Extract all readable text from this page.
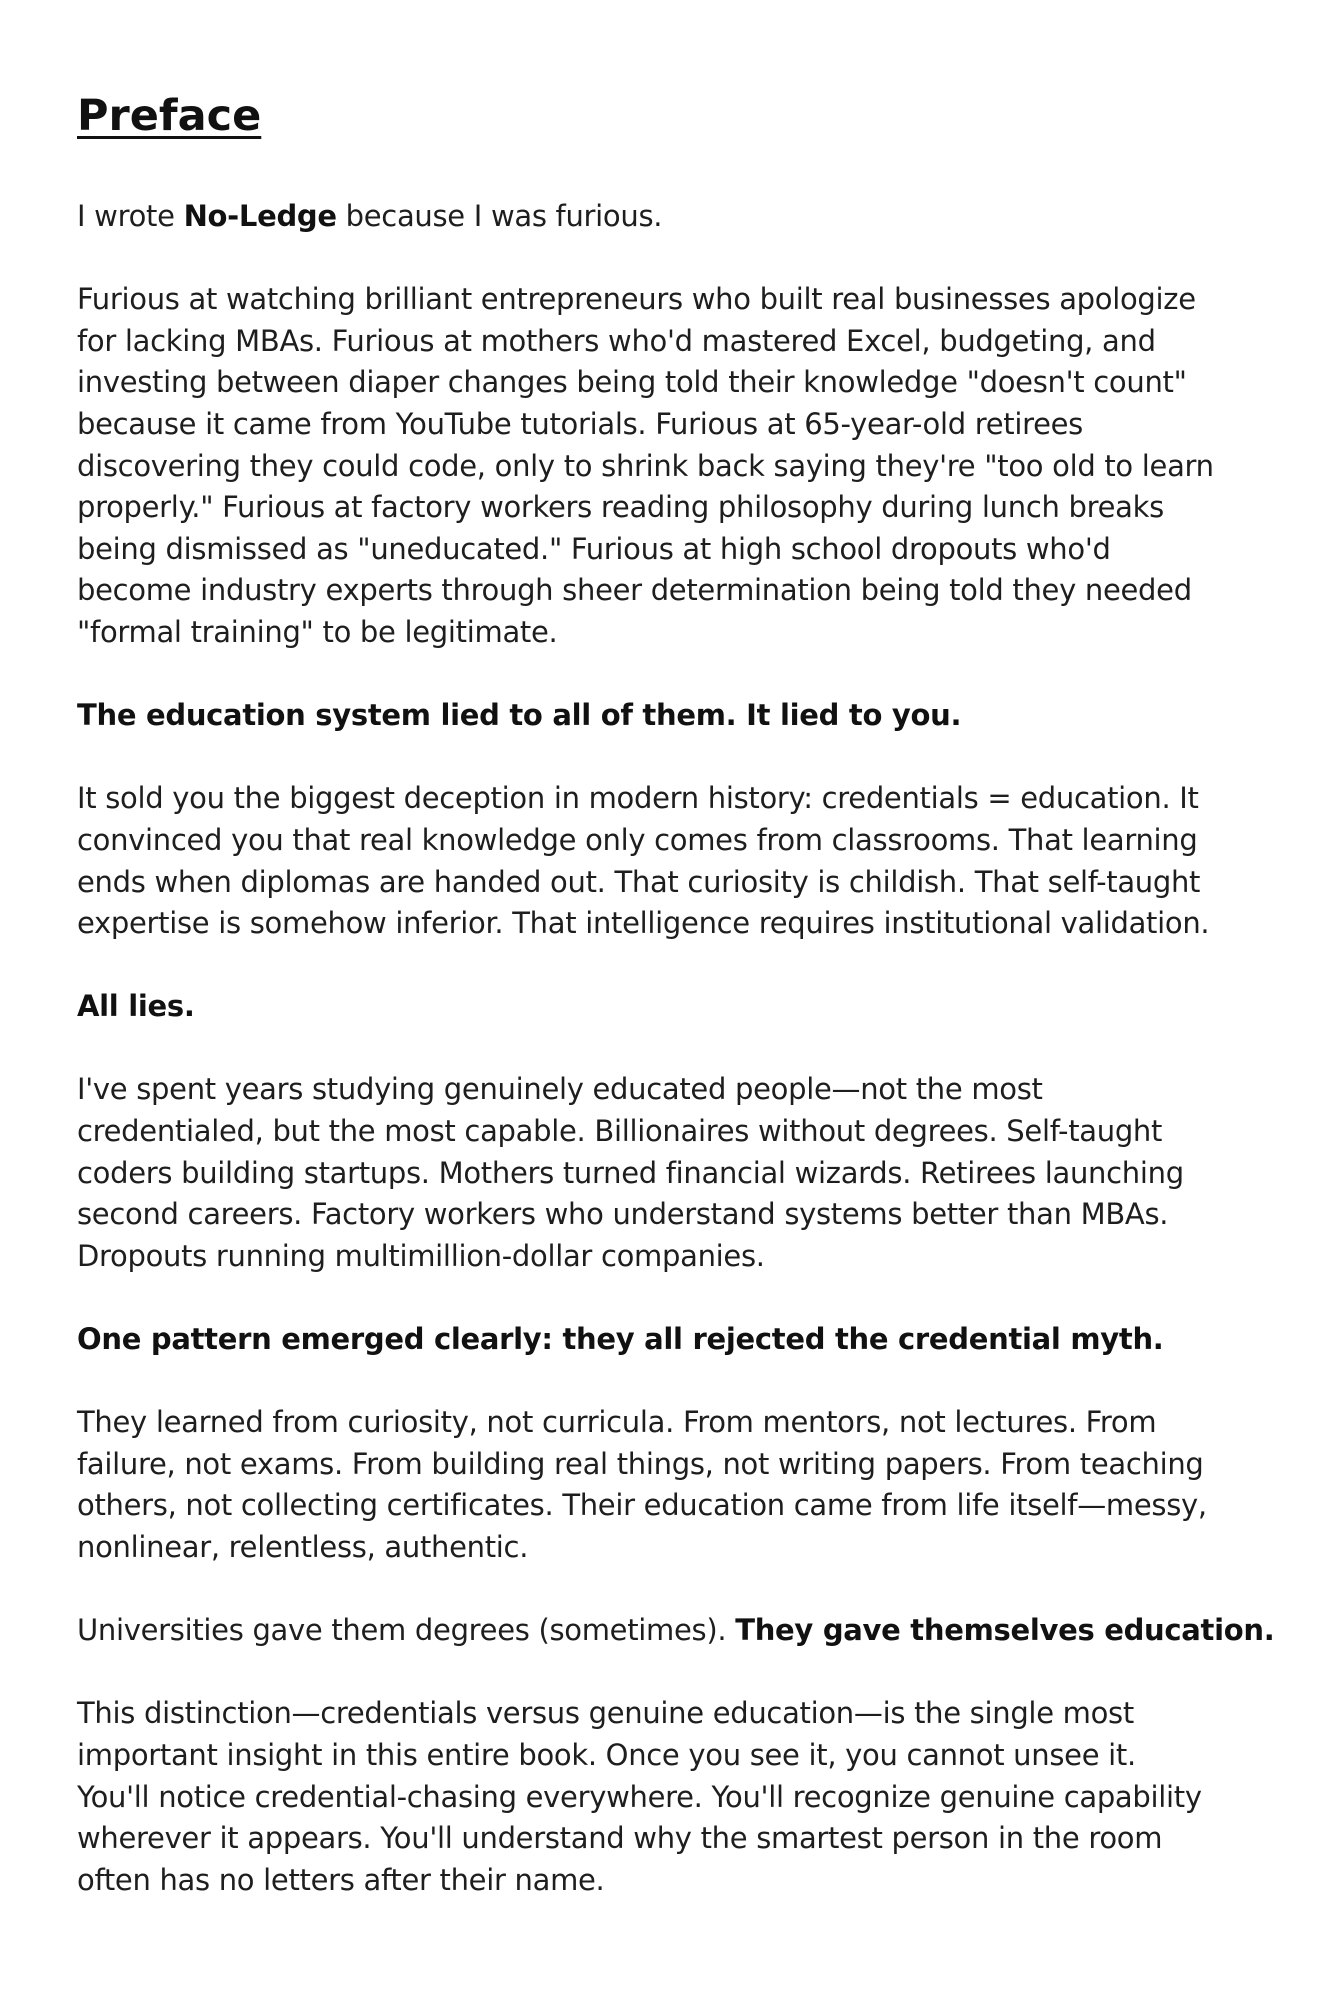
Preface

I wrote No-Ledge because I was furious.

Furious at watching brilliant entrepreneurs who built real businesses apologize
for lacking MBAs. Furious at mothers who'd mastered Excel, budgeting, and
investing between diaper changes being told their knowledge "doesn't count"
because it came from YouTube tutorials. Furious at 65-year-old retirees
discovering they could code, only to shrink back saying they're "too old to learn
properly." Furious at factory workers reading philosophy during lunch breaks
being dismissed as "uneducated." Furious at high school dropouts who'd
become industry experts through sheer determination being told they needed
"formal training" to be legitimate.

The education system lied to all of them. It lied to you.

It sold you the biggest deception in modern history: credentials = education. It
convinced you that real knowledge only comes from classrooms. That learning
ends when diplomas are handed out. That curiosity is childish. That self-taught
expertise is somehow inferior. That intelligence requires institutional validation.

All lies.

I've spent years studying genuinely educated people—not the most
credentialed, but the most capable. Billionaires without degrees. Self-taught
coders building startups. Mothers turned financial wizards. Retirees launching
second careers. Factory workers who understand systems better than MBAs.
Dropouts running multimillion-dollar companies.

One pattern emerged clearly: they all rejected the credential myth.

They learned from curiosity, not curricula. From mentors, not lectures. From
failure, not exams. From building real things, not writing papers. From teaching
others, not collecting certificates. Their education came from life itself—messy,
nonlinear, relentless, authentic.

Universities gave them degrees (sometimes). They gave themselves education.

This distinction—credentials versus genuine education—is the single most
important insight in this entire book. Once you see it, you cannot unsee it.
You'll notice credential-chasing everywhere. You'll recognize genuine capability
wherever it appears. You'll understand why the smartest person in the room
often has no letters after their name.
